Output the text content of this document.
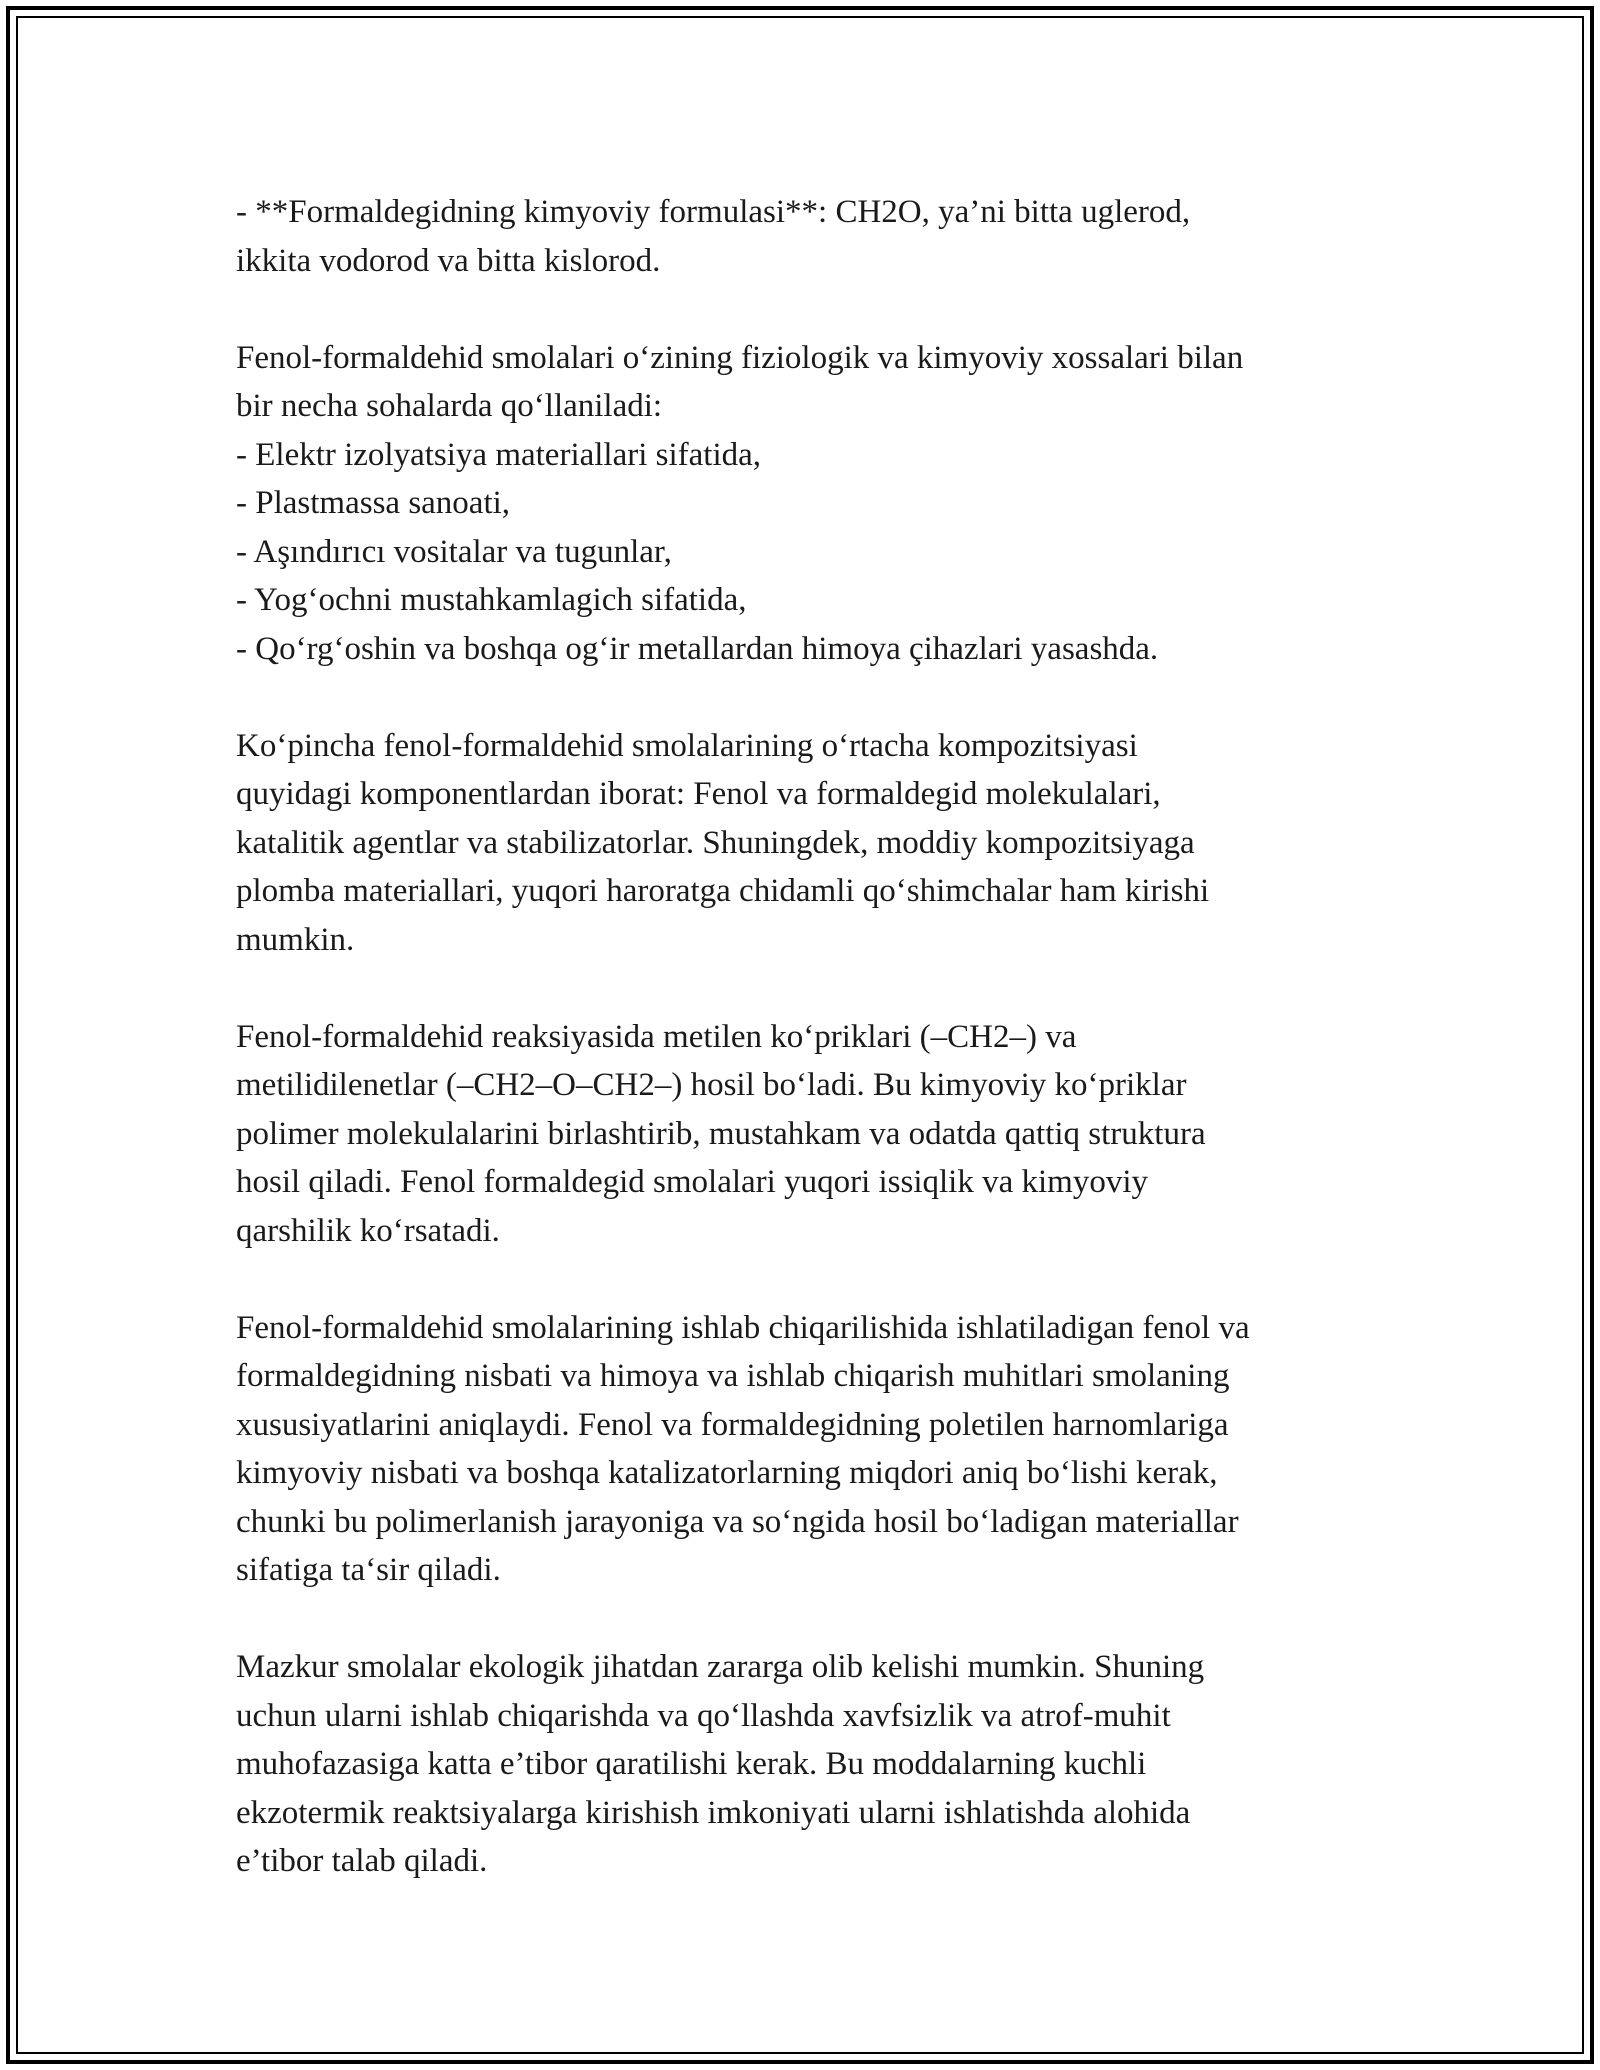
- **Formaldegidning kimyoviy formulasi**: CH2O, ya’ni bitta uglerod,
ikkita vodorod va bitta kislorod.
Fenol-formaldehid smolalari o‘zining fiziologik va kimyoviy xossalari bilan
bir necha sohalarda qo‘llaniladi:
- Elektr izolyatsiya materiallari sifatida,
- Plastmassa sanoati,
- Aşındırıcı vositalar va tugunlar,
- Yog‘ochni mustahkamlagich sifatida,
- Qo‘rg‘oshin va boshqa og‘ir metallardan himoya çihazlari yasashda.
Ko‘pincha fenol-formaldehid smolalarining o‘rtacha kompozitsiyasi
quyidagi komponentlardan iborat: Fenol va formaldegid molekulalari,
katalitik agentlar va stabilizatorlar. Shuningdek, moddiy kompozitsiyaga
plomba materiallari, yuqori haroratga chidamli qo‘shimchalar ham kirishi
mumkin.
Fenol-formaldehid reaksiyasida metilen ko‘priklari (–CH2–) va
metilidilenetlar (–CH2–O–CH2–) hosil bo‘ladi. Bu kimyoviy ko‘priklar
polimer molekulalarini birlashtirib, mustahkam va odatda qattiq struktura
hosil qiladi. Fenol formaldegid smolalari yuqori issiqlik va kimyoviy
qarshilik ko‘rsatadi.
Fenol-formaldehid smolalarining ishlab chiqarilishida ishlatiladigan fenol va
formaldegidning nisbati va himoya va ishlab chiqarish muhitlari smolaning
xususiyatlarini aniqlaydi. Fenol va formaldegidning poletilen harnomlariga
kimyoviy nisbati va boshqa katalizatorlarning miqdori aniq bo‘lishi kerak,
chunki bu polimerlanish jarayoniga va so‘ngida hosil bo‘ladigan materiallar
sifatiga ta‘sir qiladi.
Mazkur smolalar ekologik jihatdan zararga olib kelishi mumkin. Shuning
uchun ularni ishlab chiqarishda va qo‘llashda xavfsizlik va atrof-muhit
muhofazasiga katta e’tibor qaratilishi kerak. Bu moddalarning kuchli
ekzotermik reaktsiyalarga kirishish imkoniyati ularni ishlatishda alohida
e’tibor talab qiladi.
